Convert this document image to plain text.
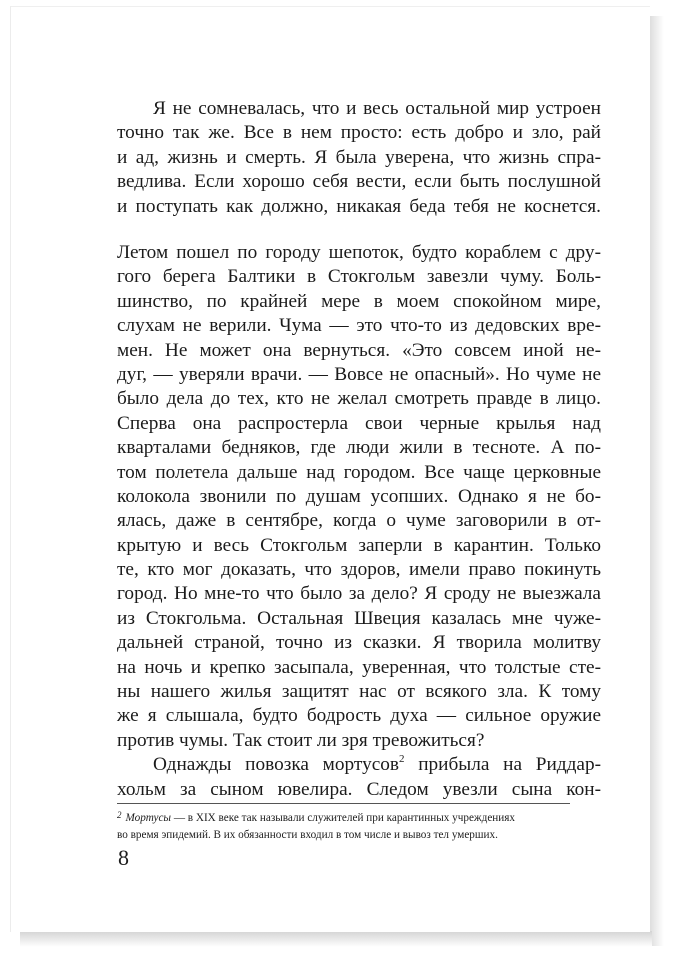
Я не сомневалась, что и весь остальной мир устроен
точно так же. Все в нем просто: есть добро и зло, рай
и ад, жизнь и смерть. Я была уверена, что жизнь спра-
ведлива. Если хорошо себя вести, если быть послушной
и поступать как должно, никакая беда тебя не коснется.
Летом пошел по городу шепоток, будто кораблем с дру-
гого берега Балтики в Стокгольм завезли чуму. Боль-
шинство, по крайней мере в моем спокойном мире,
слухам не верили. Чума — это что-то из дедовских вре-
мен. Не может она вернуться. «Это совсем иной не-
дуг, — уверяли врачи. — Вовсе не опасный». Но чуме не
было дела до тех, кто не желал смотреть правде в лицо.
Сперва она распростерла свои черные крылья над
кварталами бедняков, где люди жили в тесноте. А по-
том полетела дальше над городом. Все чаще церковные
колокола звонили по душам усопших. Однако я не бо-
ялась, даже в сентябре, когда о чуме заговорили в от-
крытую и весь Стокгольм заперли в карантин. Только
те, кто мог доказать, что здоров, имели право покинуть
город. Но мне-то что было за дело? Я сроду не выезжала
из Стокгольма. Остальная Швеция казалась мне чуже-
дальней страной, точно из сказки. Я творила молитву
на ночь и крепко засыпала, уверенная, что толстые сте-
ны нашего жилья защитят нас от всякого зла. К тому
же я слышала, будто бодрость духа — сильное оружие
против чумы. Так стоит ли зря тревожиться?
Однажды повозка мортусов$^2$ прибыла на Риддар-
хольм за сыном ювелира. Следом увезли сына кон-
$^2$ Мортусы — в XIX веке так называли служителей при карантинных учреждениях
во время эпидемий. В их обязанности входил в том числе и вывоз тел умерших.
8
